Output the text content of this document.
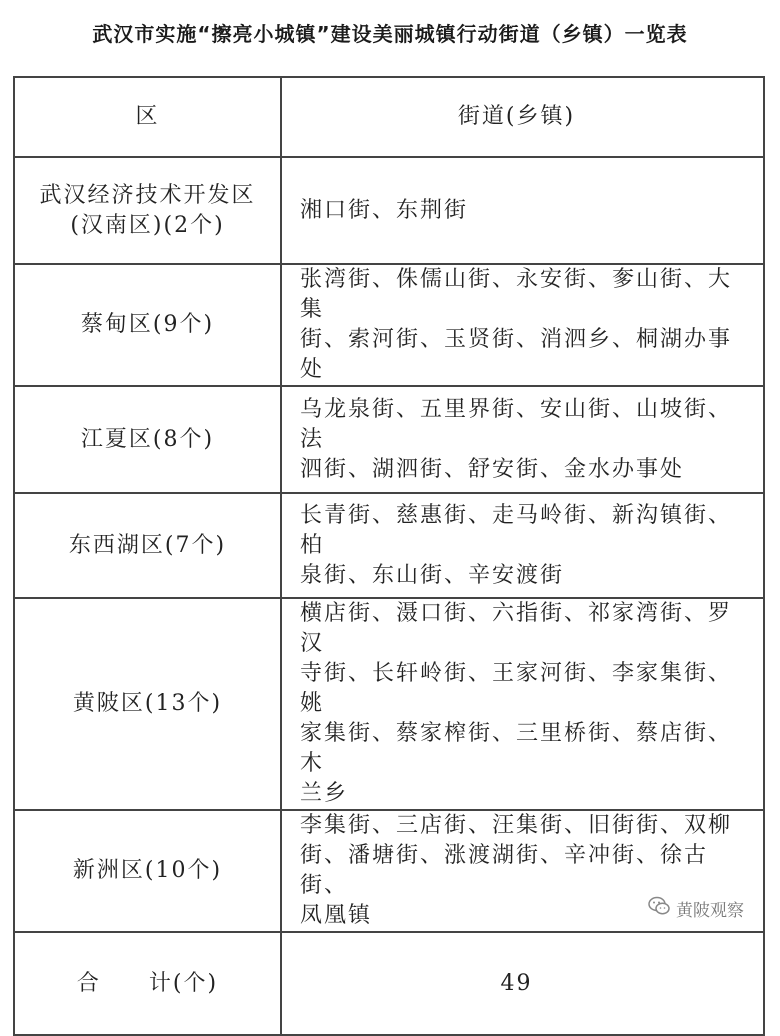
武汉市实施“擦亮小城镇”建设美丽城镇行动街道（乡镇）一览表
区	街道(乡镇)

武汉经济技术开发区
(汉南区)(2个)	湘口街、东荆街

蔡甸区(9个)	张湾街、侏儒山街、永安街、奓山街、大集
街、索河街、玉贤街、消泗乡、桐湖办事处

江夏区(8个)	乌龙泉街、五里界街、安山街、山坡街、法
泗街、湖泗街、舒安街、金水办事处

东西湖区(7个)	长青街、慈惠街、走马岭街、新沟镇街、柏
泉街、东山街、辛安渡街

黄陂区(13个)	横店街、滠口街、六指街、祁家湾街、罗汉
寺街、长轩岭街、王家河街、李家集街、姚
家集街、蔡家榨街、三里桥街、蔡店街、木
兰乡

新洲区(10个)	李集街、三店街、汪集街、旧街街、双柳
街、潘塘街、涨渡湖街、辛冲街、徐古街、
凤凰镇

合　　计(个)	49
黄陂观察
